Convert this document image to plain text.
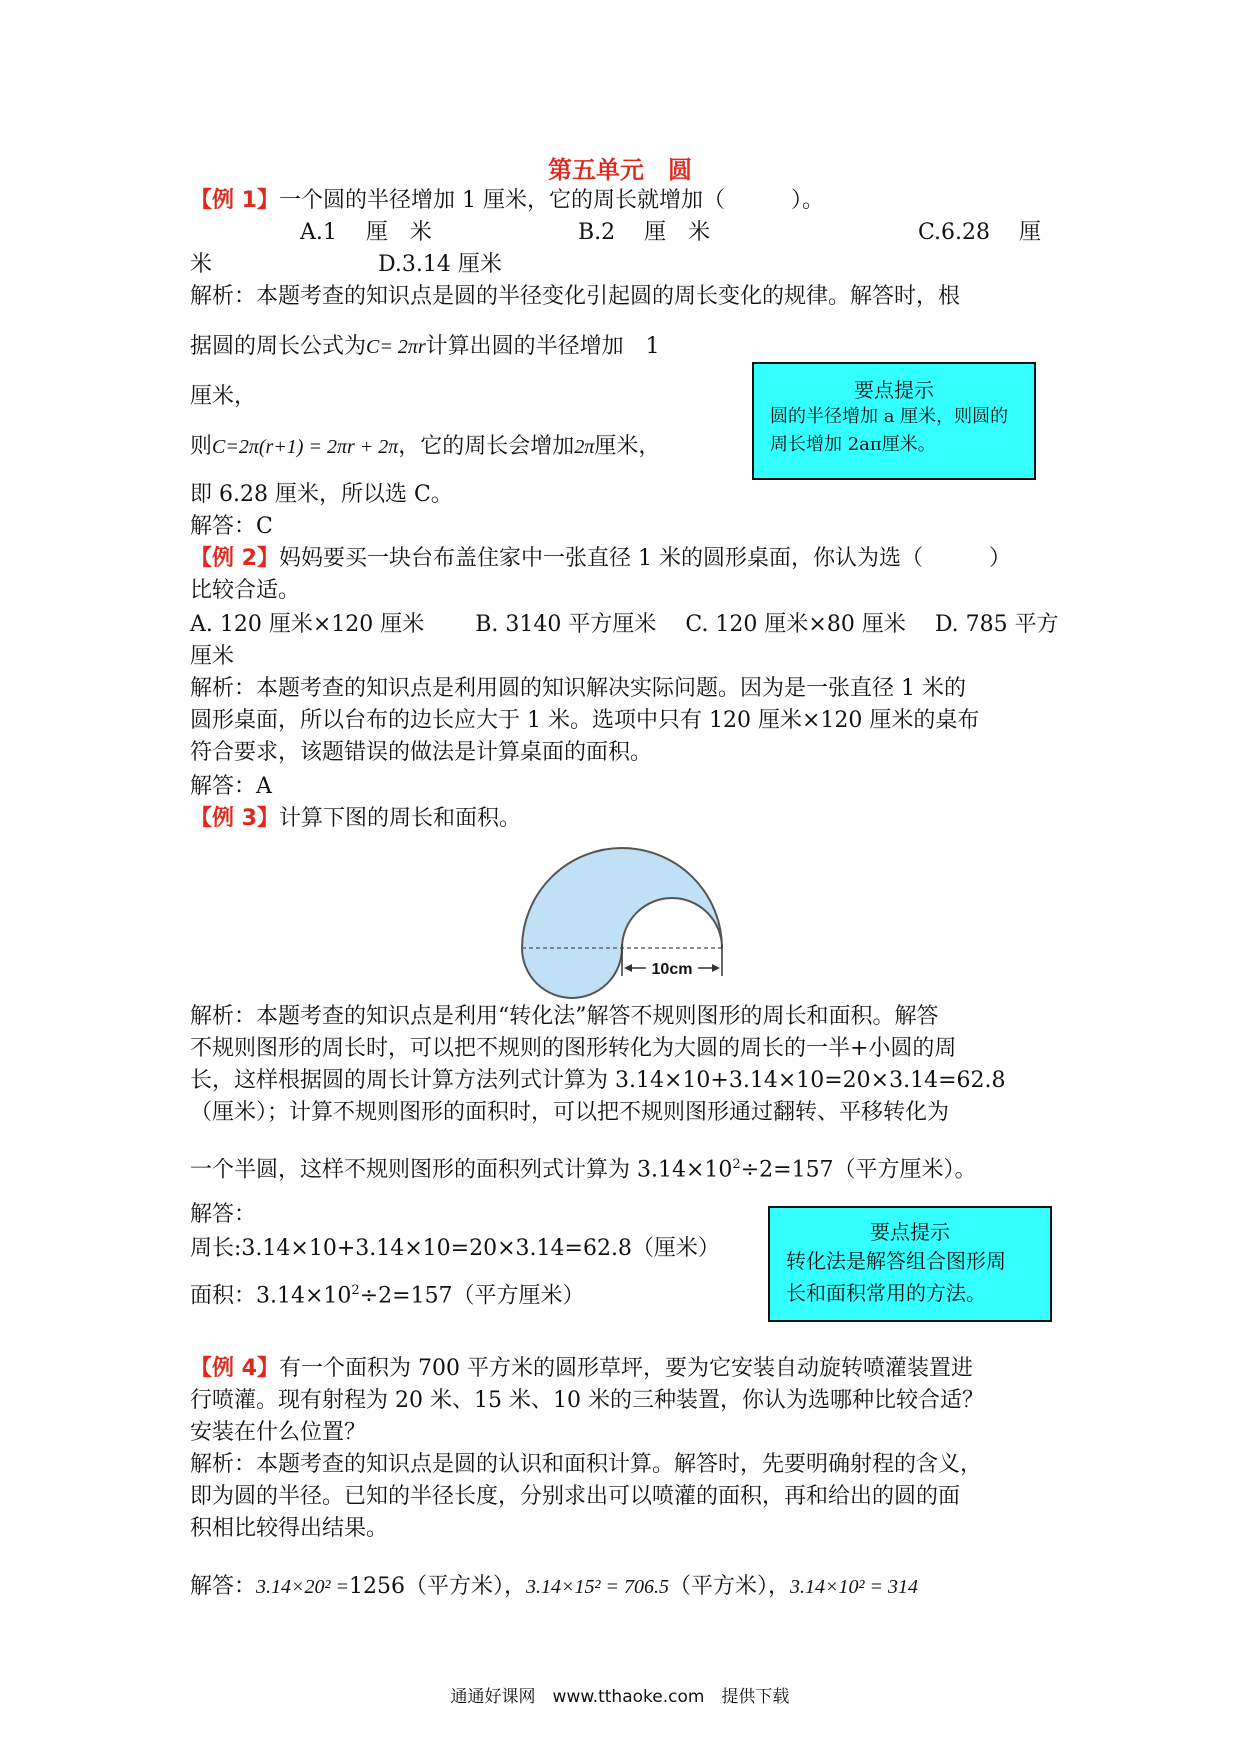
第五单元　圆
【例 1】一个圆的半径增加 1 厘米，它的周长就增加（　　　）。
A.1　 厘　米	B.2　 厘　米	C.6.28　 厘
米	D.3.14 厘米
解析：本题考查的知识点是圆的半径变化引起圆的周长变化的规律。解答时，根
据圆的周长公式为C= 2πr计算出圆的半径增加　1
厘米，
则C=2π(r+1) = 2πr + 2π，它的周长会增加2π厘米，
即 6.28 厘米，所以选 C。
解答：C
要点提示
圆的半径增加 a 厘米，则圆的
周长增加 2aπ厘米。
【例 2】妈妈要买一块台布盖住家中一张直径 1 米的圆形桌面，你认为选（　　　）
比较合适。
A. 120 厘米×120 厘米　　 B. 3140 平方厘米　 C. 120 厘米×80 厘米　 D. 785 平方
厘米
解析：本题考查的知识点是利用圆的知识解决实际问题。因为是一张直径 1 米的
圆形桌面，所以台布的边长应大于 1 米。选项中只有 120 厘米×120 厘米的桌布
符合要求，该题错误的做法是计算桌面的面积。
解答：A
【例 3】计算下图的周长和面积。
10cm
解析：本题考查的知识点是利用“转化法”解答不规则图形的周长和面积。解答
不规则图形的周长时，可以把不规则的图形转化为大圆的周长的一半+小圆的周
长，这样根据圆的周长计算方法列式计算为 3.14×10+3.14×10=20×3.14=62.8
（厘米）；计算不规则图形的面积时，可以把不规则图形通过翻转、平移转化为
一个半圆，这样不规则图形的面积列式计算为 $3.14\times 10^2\div 2=157$（平方厘米）。
解答：
周长:3.14×10+3.14×10=20×3.14=62.8（厘米）
面积：$3.14\times 10^2\div 2=157$（平方厘米）
要点提示
转化法是解答组合图形周
长和面积常用的方法。
【例 4】有一个面积为 700 平方米的圆形草坪，要为它安装自动旋转喷灌装置进
行喷灌。现有射程为 20 米、15 米、10 米的三种装置，你认为选哪种比较合适？
安装在什么位置？
解析：本题考查的知识点是圆的认识和面积计算。解答时，先要明确射程的含义，
即为圆的半径。已知的半径长度，分别求出可以喷灌的面积，再和给出的圆的面
积相比较得出结果。
解答：3.14×20² =1256（平方米），3.14×15² = 706.5（平方米），3.14×10² = 314
通通好课网　www.tthaoke.com　提供下载
